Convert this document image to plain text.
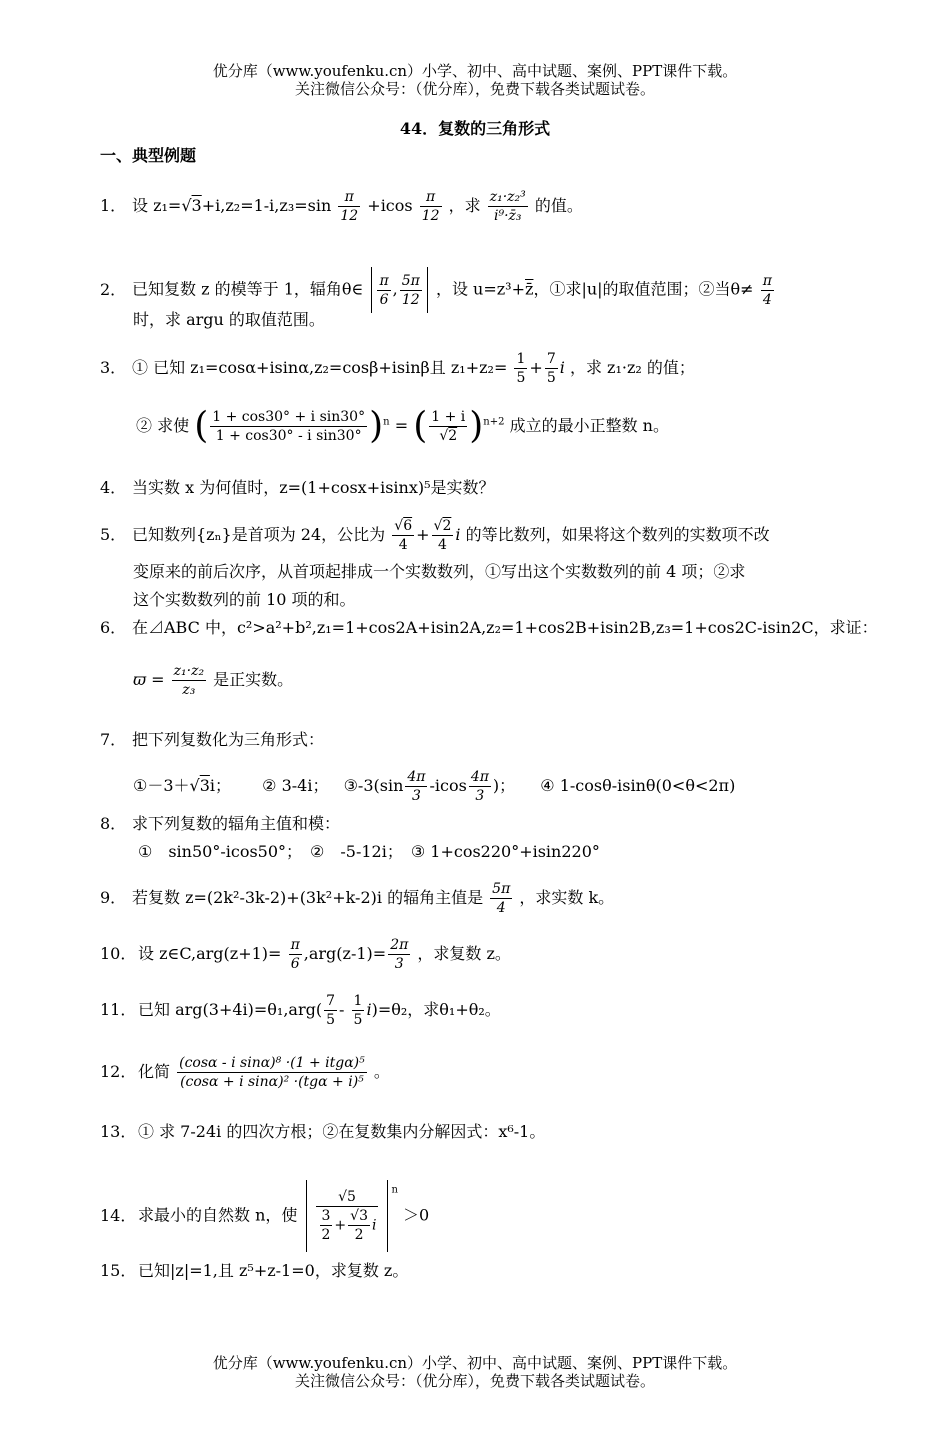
优分库（www.youfenku.cn）小学、初中、高中试题、案例、PPT课件下载。
关注微信公众号：（优分库），免费下载各类试题试卷。
44．复数的三角形式
一、典型例题
1． 设 z₁= √ $3+i,z_2=1-i,z_3=\sin \frac{\pi}{12} +icos \frac{\pi}{12}$ ，求 $\frac{\text{z₁·z₂³}}{\text{i⁹·z̄₃}}$ 的值。
2． 已知复数 z 的模等于 1，辐角θ∈ $\frac{\pi}{6}$ , $\frac{5\pi}{12}$ ，设 u=z³+z̄，①求|u|的取值范围；②当$\theta\ne \frac{\pi}{4}$
时，求 argu 的取值范围。
3． ① 已知 z₁=cosα+isinα,z₂=cosβ+isinβ且 $z_1+z_2= \frac{1}{5} + \frac{7}{5}$ i ，求 z₁·z₂ 的值；
② 求使 ( $\frac{\text{1 + cos30° + i sin30°}}{\text{1 + cos30° - i sin30°}} )^n$ = ( 1 + i
√ 2 )$^{n+2}$ 成立的最小正整数 n。
4． 当实数 x 为何值时，z=(1+cosx+isinx)⁵是实数？
5． 已知数列{zₙ}是首项为 24，公比为 √ $\frac{6}{4}$ + √ $\frac{2}{4}$ i 的等比数列，如果将这个数列的实数项不改
变原来的前后次序，从首项起排成一个实数数列，①写出这个实数数列的前 4 项；②求
这个实数数列的前 10 项的和。
6． 在⊿ABC 中，c²>a²+b²,z₁=1+cos2A+isin2A,z₂=1+cos2B+isin2B,z₃=1+cos2C-isin2C，求证：
$ϖ = \frac{\text{z₁·z₂}}{\text{z₃}}$ 是正实数。
7． 把下列复数化为三角形式：
①－3＋ √ 3i； ② 3-4i； ③-3(sin $\frac{4\pi}{3} -icos \frac{4\pi}{3}$ )； ④ 1-cosθ-isinθ(0<θ<2π)
8． 求下列复数的辐角主值和模：
①　sin50°-icos50°；　②　-5-12i；　③ 1+cos220°+isin220°
9． 若复数 z=(2k²-3k-2)+(3k²+k-2)i 的辐角主值是 $\frac{5\pi}{4}$ ，求实数 k。
10． 设 z∈C,arg(z+1)= $\frac{\pi}{6} ,arg(z-1)= \frac{2\pi}{3}$ ，求复数 z。
11． 已知 $arg(3+4i)=\theta_1,arg( \frac{7}{5} - \frac{1}{5} i)=\theta_2$，求θ₁+θ₂。
12． 化简 $\frac{\text{(cosα - i sinα)⁸ ·(1 + itgα)⁵}}{\text{(cosα + i sinα)² ·(tgα + i)⁵}}$ 。
13． ① 求 7-24i 的四次方根；②在复数集内分解因式：x⁶-1。
14． 求最小的自然数 n，使 $\frac{√5}{\frac{3}{2} + \frac{√3}{2} i} ^n >0$
15． 已知|z|=1,且 z⁵+z-1=0，求复数 z。
优分库（www.youfenku.cn）小学、初中、高中试题、案例、PPT课件下载。
关注微信公众号：（优分库），免费下载各类试题试卷。
